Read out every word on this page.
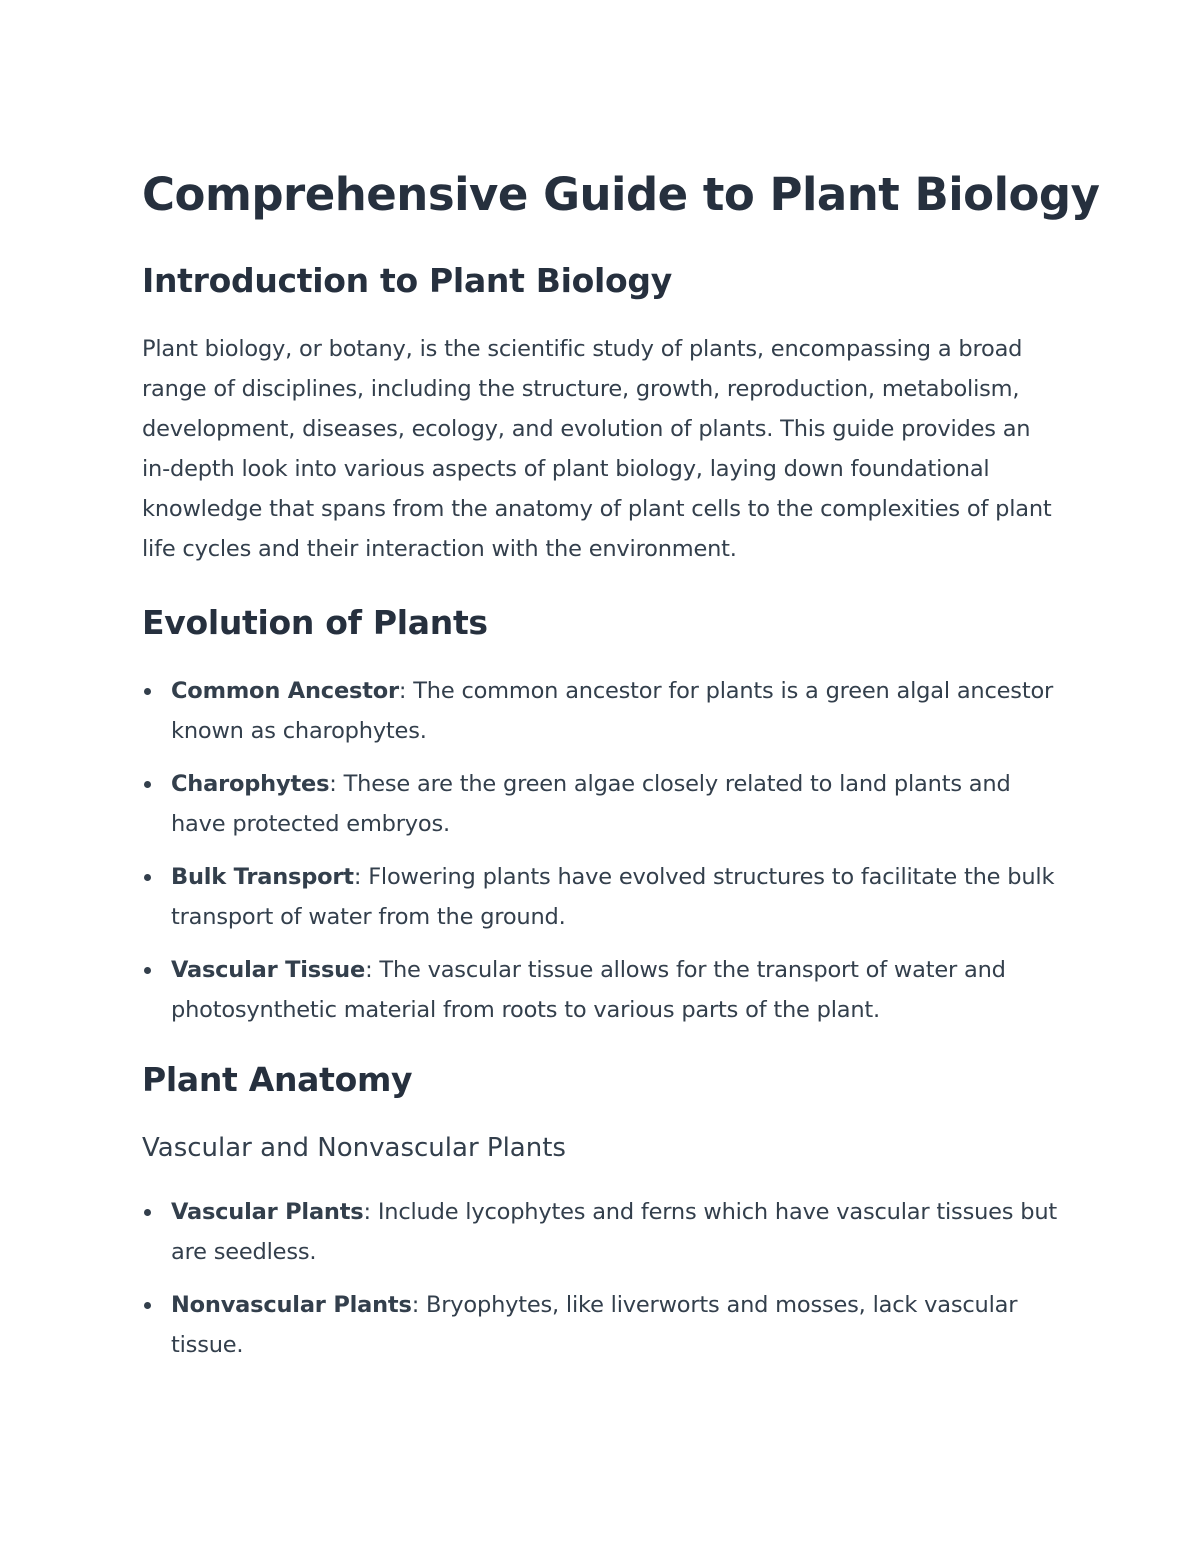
Comprehensive Guide to Plant Biology
Introduction to Plant Biology

Plant biology, or botany, is the scientific study of plants, encompassing a broad range of disciplines, including the structure, growth, reproduction, metabolism, development, diseases, ecology, and evolution of plants. This guide provides an in-depth look into various aspects of plant biology, laying down foundational knowledge that spans from the anatomy of plant cells to the complexities of plant life cycles and their interaction with the environment.

Evolution of Plants
Common Ancestor: The common ancestor for plants is a green algal ancestor known as charophytes.
Charophytes: These are the green algae closely related to land plants and have protected embryos.
Bulk Transport: Flowering plants have evolved structures to facilitate the bulk transport of water from the ground.
Vascular Tissue: The vascular tissue allows for the transport of water and photosynthetic material from roots to various parts of the plant.
Plant Anatomy
Vascular and Nonvascular Plants
Vascular Plants: Include lycophytes and ferns which have vascular tissues but are seedless.
Nonvascular Plants: Bryophytes, like liverworts and mosses, lack vascular tissue.
